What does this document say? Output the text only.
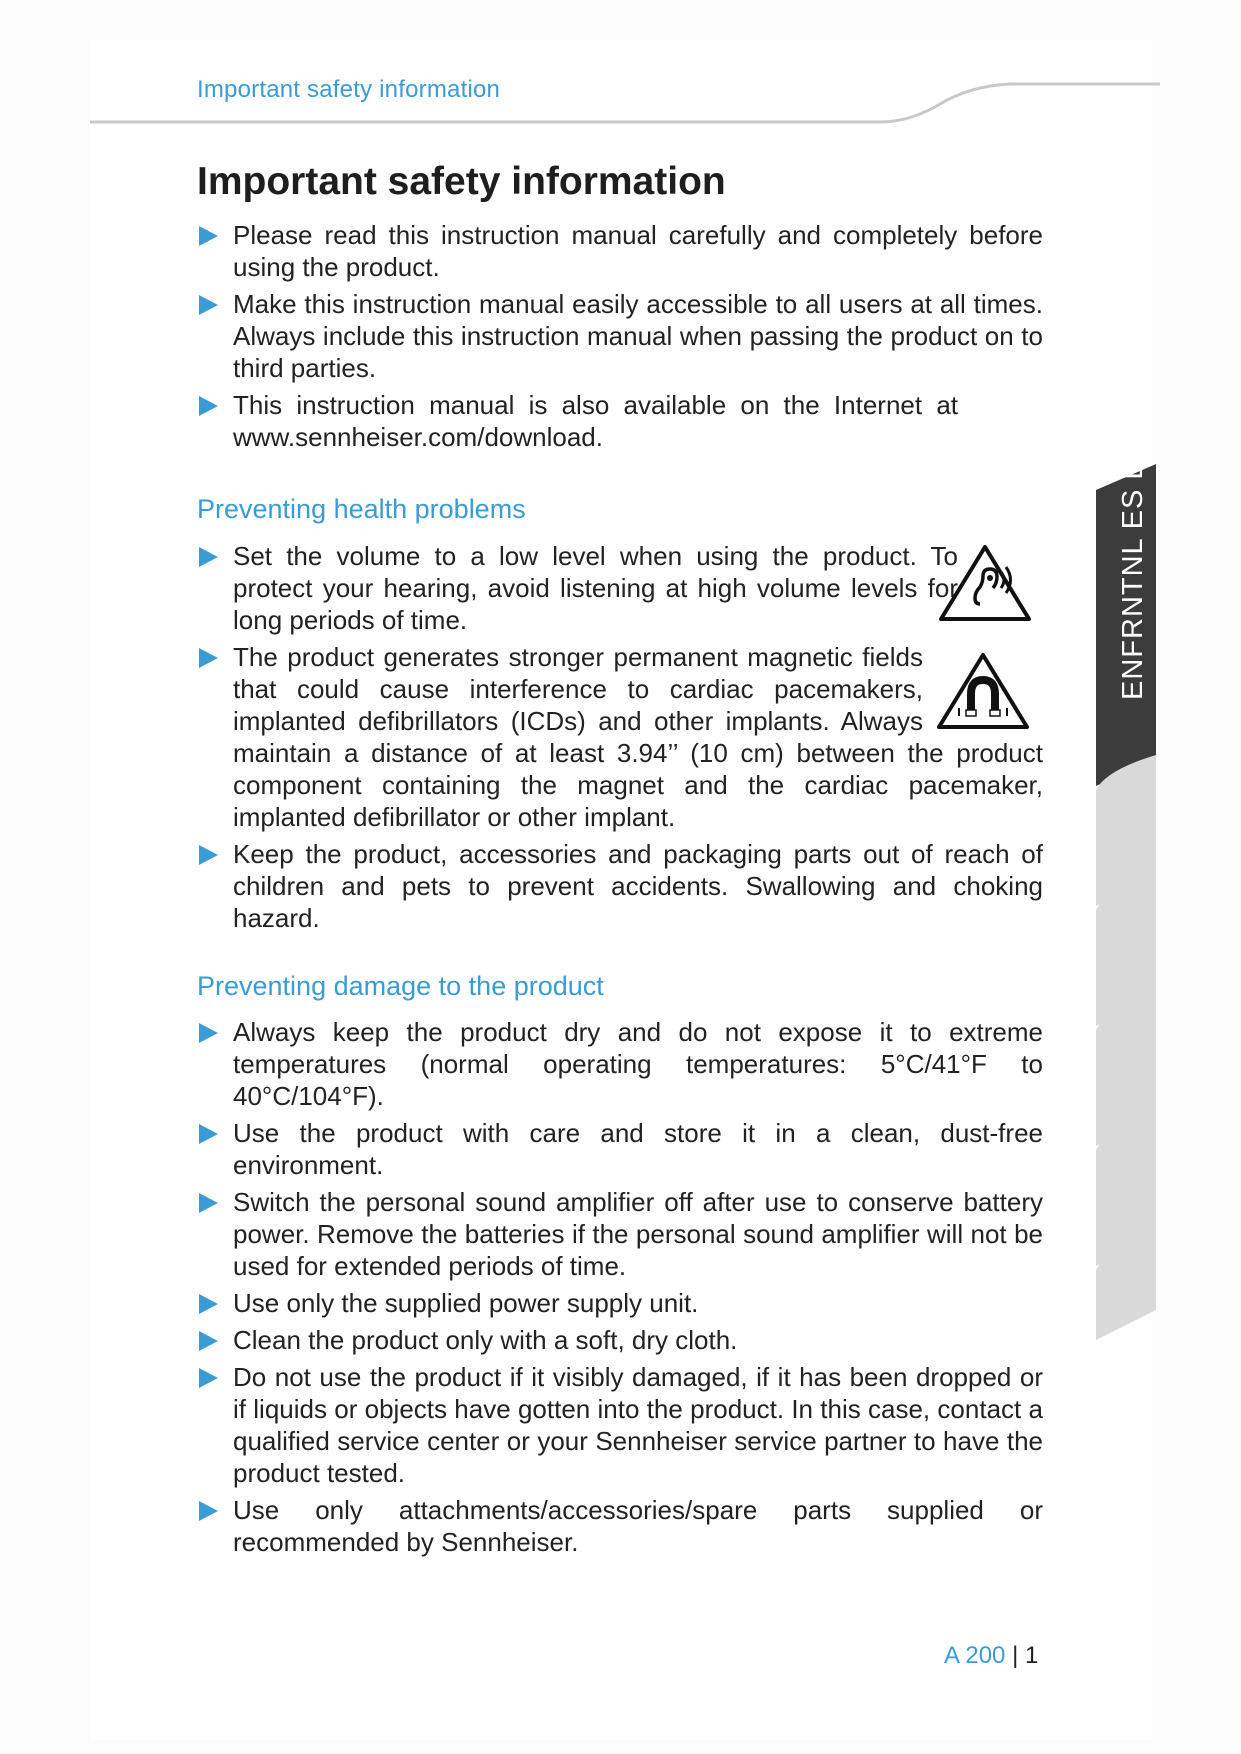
Important safety information
ENFRNTNL ES DE
Important safety information
Please read this instruction manual carefully and completely before using the product.
Make this instruction manual easily accessible to all users at all times. Always include this instruction manual when passing the product on to third parties.
This instruction manual is also available on the Internet at www.sennheiser.com/download.
Preventing health problems
Set the volume to a low level when using the product. To protect your hearing, avoid listening at high volume levels for long periods of time.
The product generates stronger permanent magnetic fields that could cause interference to cardiac pacemakers, implanted defibrillators (ICDs) and other implants. Always maintain a distance of at least 3.94’’ (10 cm) between the product component containing the magnet and the cardiac pacemaker, implanted defibrillator or other implant.
Keep the product, accessories and packaging parts out of reach of children and pets to prevent accidents. Swallowing and choking hazard.
Preventing damage to the product
Always keep the product dry and do not expose it to extreme temperatures (normal operating temperatures: 5°C/41°F to 40°C/104°F).
Use the product with care and store it in a clean, dust-free environment.
Switch the personal sound amplifier off after use to conserve battery power. Remove the batteries if the personal sound amplifier will not be used for extended periods of time.
Use only the supplied power supply unit.
Clean the product only with a soft, dry cloth.
Do not use the product if it visibly damaged, if it has been dropped or if liquids or objects have gotten into the product. In this case, contact a qualified service center or your Sennheiser service partner to have the product tested.
Use only attachments/accessories/spare parts supplied or recommended by Sennheiser.
A 200 | 1
